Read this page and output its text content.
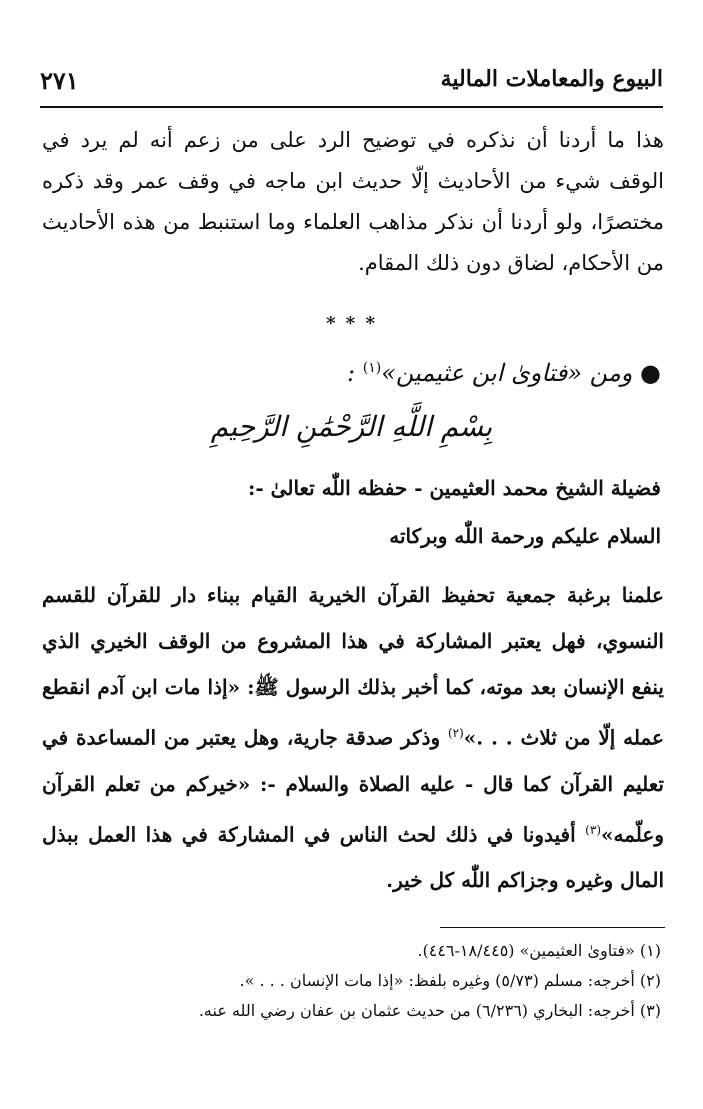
٢٧١	البيوع والمعاملات المالية
هذا ما أردنا أن نذكره في توضيح الرد على من زعم أنه لم يرد في الوقف شيء من الأحاديث إلّا حديث ابن ماجه في وقف عمر وقد ذكره مختصرًا، ولو أردنا أن نذكر مذاهب العلماء وما استنبط من هذه الأحاديث من الأحكام، لضاق دون ذلك المقام.
* * *
● ومن «فتاوىٰ ابن عثيمين»$^{(١)}$ :
بِسْمِ اللَّهِ الرَّحْمَٰنِ الرَّحِيمِ
فضيلة الشيخ محمد العثيمين - حفظه اللّٰه تعالىٰ -:
السلام عليكم ورحمة اللّٰه وبركاته
علمنا برغبة جمعية تحفيظ القرآن الخيرية القيام ببناء دار للقرآن للقسم النسوي، فهل يعتبر المشاركة في هذا المشروع من الوقف الخيري الذي ينفع الإنسان بعد موته، كما أخبر بذلك الرسول ﷺ: «إذا مات ابن آدم انقطع عمله إلّا من ثلاث . . .»$^{(٢)}$ وذكر صدقة جارية، وهل يعتبر من المساعدة في تعليم القرآن كما قال - عليه الصلاة والسلام -: «خيركم من تعلم القرآن وعلّمه»$^{(٣)}$ أفيدونا في ذلك لحث الناس في المشاركة في هذا العمل ببذل المال وغيره وجزاكم اللّٰه كل خير.
(١) «فتاوىٰ العثيمين» (١٨/٤٤٥-٤٤٦).
(٢) أخرجه: مسلم (٥/٧٣) وغيره بلفظ: «إذا مات الإنسان . . . ».
(٣) أخرجه: البخاري (٦/٢٣٦) من حديث عثمان بن عفان رضي الله عنه.
